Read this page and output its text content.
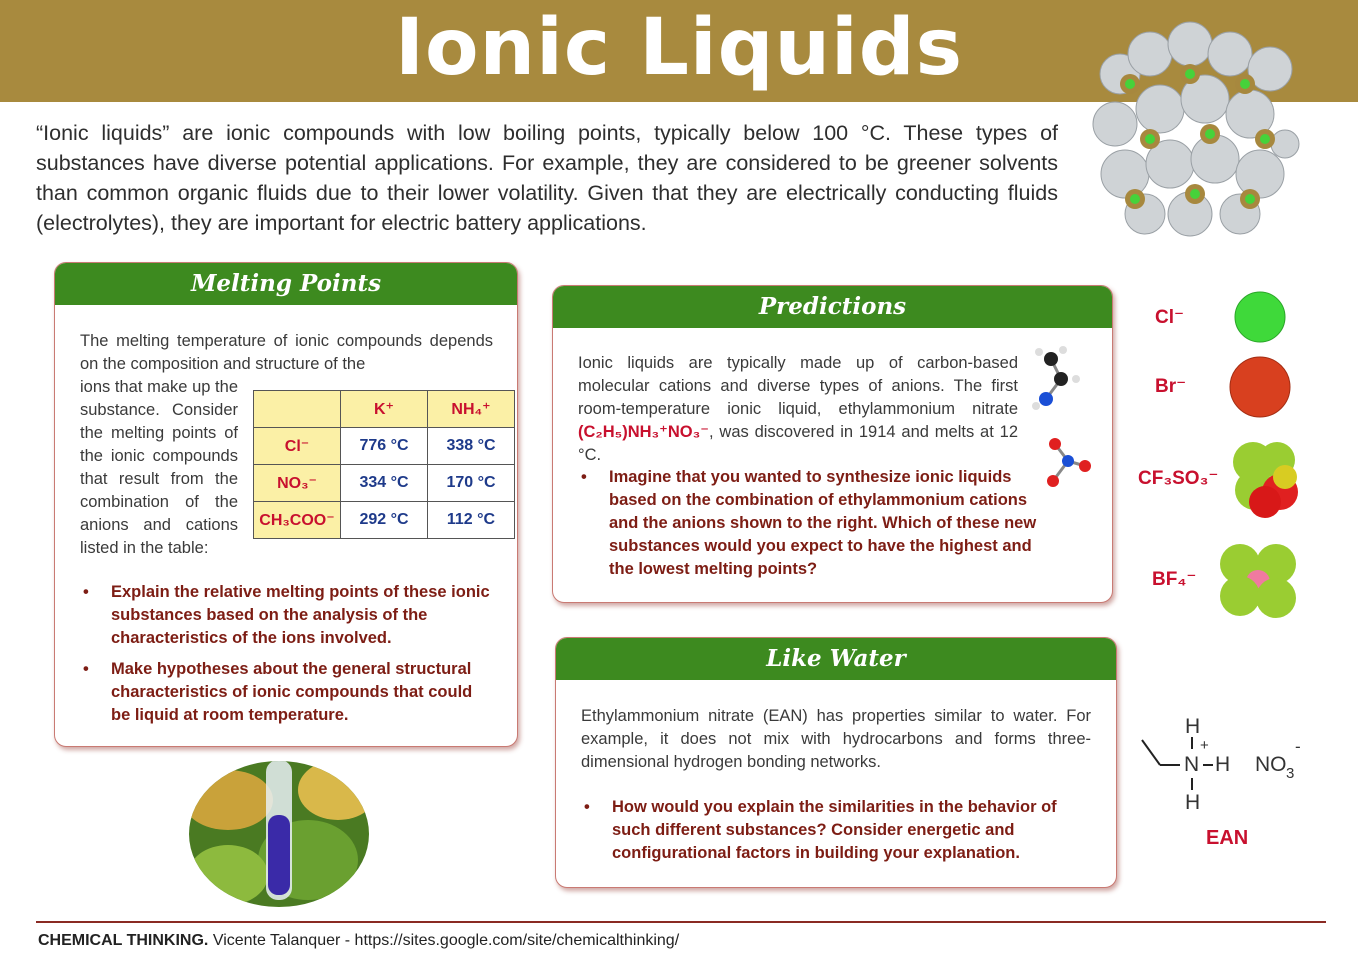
Ionic Liquids

“Ionic liquids” are ionic compounds with low boiling points, typically below 100 °C. These types of substances have diverse potential applications. For example, they are considered to be greener solvents than common organic fluids due to their lower volatility. Given that they are electrically conducting fluids (electrolytes), they are important for electric battery applications.

Melting Points
The melting temperature of ionic compounds depends on the composition and structure of the
ions that make up the substance. Consider the melting points of the ionic compounds that result from the combination of the anions and cations listed in the table:
	K⁺	NH₄⁺
Cl⁻	776 °C	338 °C
NO₃⁻	334 °C	170 °C
CH₃COO⁻	292 °C	112 °C
• Explain the relative melting points of these ionic substances based on the analysis of the characteristics of the ions involved.
• Make hypotheses about the general structural characteristics of ionic compounds that could be liquid at room temperature.
Predictions
Ionic liquids are typically made up of carbon-based molecular cations and diverse types of anions. The first room-temperature ionic liquid, ethylammonium nitrate (C₂H₅)NH₃⁺NO₃⁻, was discovered in 1914 and melts at 12 °C.
• Imagine that you wanted to synthesize ionic liquids based on the combination of ethylammonium cations and the anions shown to the right. Which of these new substances would you expect to have the highest and the lowest melting points?
Cl⁻
Br⁻
CF₃SO₃⁻
BF₄⁻
Like Water
Ethylammonium nitrate (EAN) has properties similar to water. For example, it does not mix with hydrocarbons and forms three-dimensional hydrogen bonding networks.
• How would you explain the similarities in the behavior of such different substances? Consider energetic and configurational factors in building your explanation.
H
+
N H
H
NO 3
-
EAN
CHEMICAL THINKING. Vicente Talanquer - https://sites.google.com/site/chemicalthinking/
